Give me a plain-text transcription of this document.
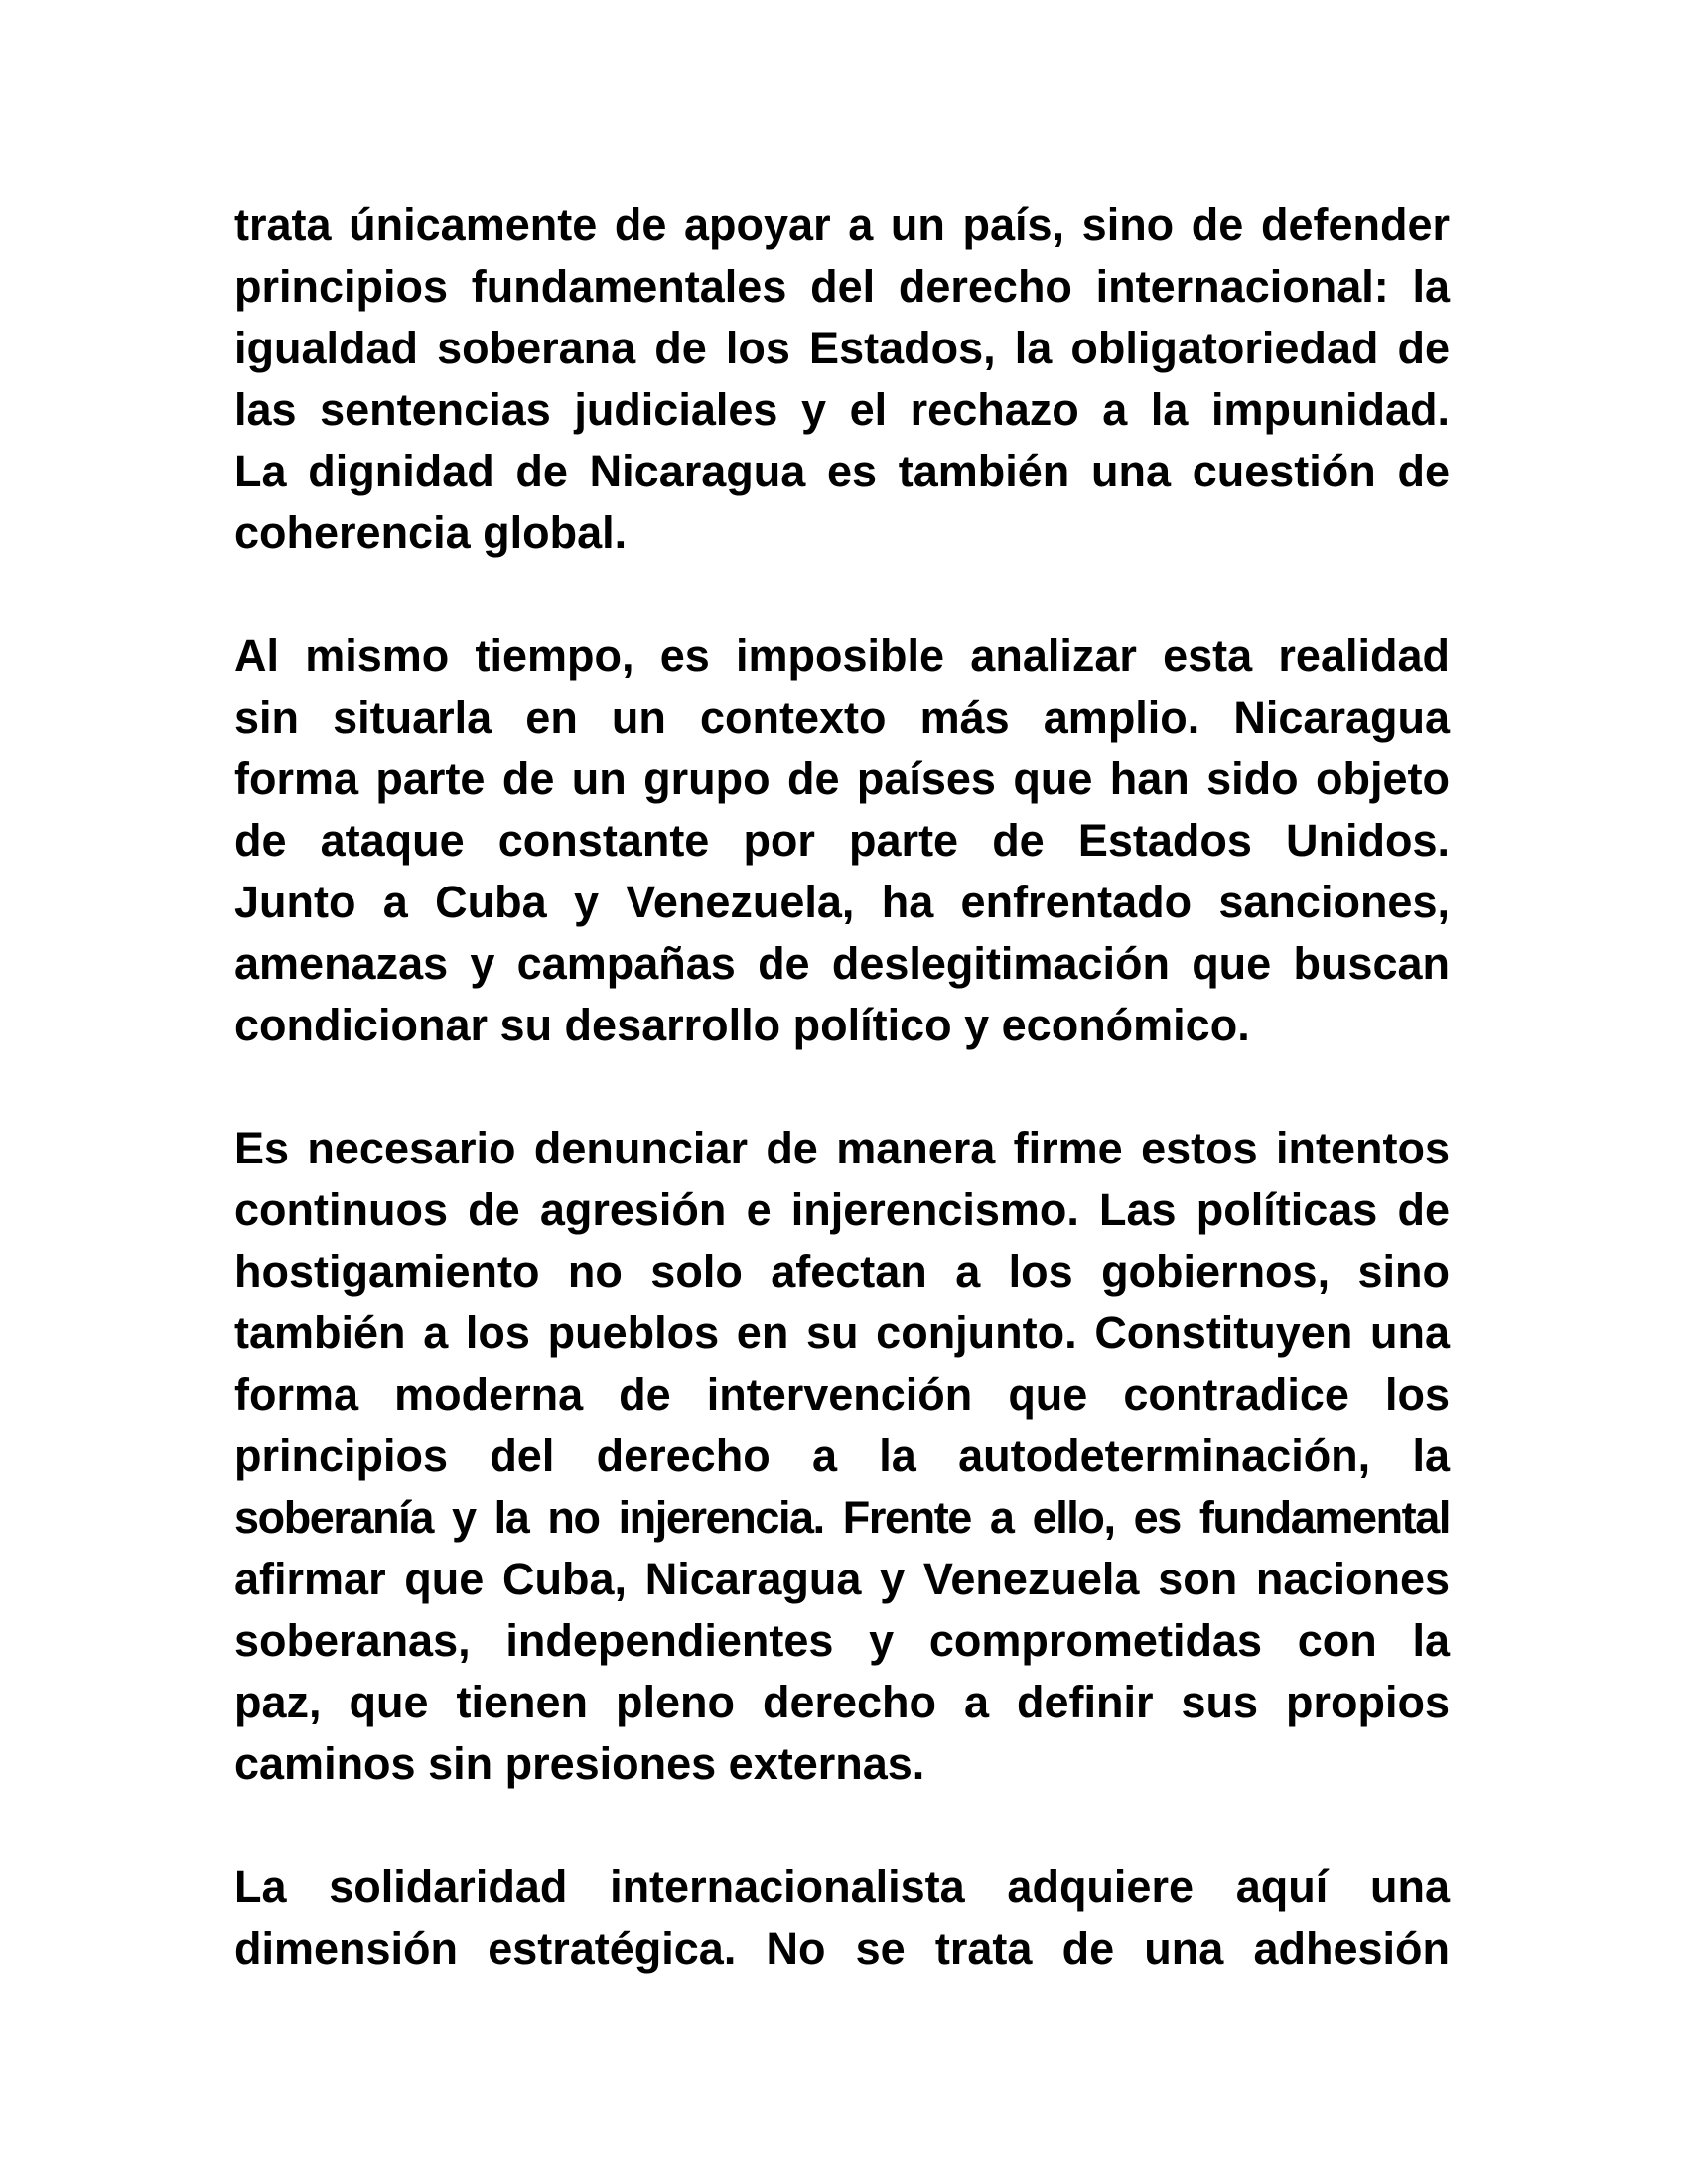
trata únicamente de apoyar a un país, sino de defender
principios fundamentales del derecho internacional: la
igualdad soberana de los Estados, la obligatoriedad de
las sentencias judiciales y el rechazo a la impunidad.
La dignidad de Nicaragua es también una cuestión de
coherencia global.
Al mismo tiempo, es imposible analizar esta realidad
sin situarla en un contexto más amplio. Nicaragua
forma parte de un grupo de países que han sido objeto
de ataque constante por parte de Estados Unidos.
Junto a Cuba y Venezuela, ha enfrentado sanciones,
amenazas y campañas de deslegitimación que buscan
condicionar su desarrollo político y económico.
Es necesario denunciar de manera firme estos intentos
continuos de agresión e injerencismo. Las políticas de
hostigamiento no solo afectan a los gobiernos, sino
también a los pueblos en su conjunto. Constituyen una
forma moderna de intervención que contradice los
principios del derecho a la autodeterminación, la
soberanía y la no injerencia. Frente a ello, es fundamental
afirmar que Cuba, Nicaragua y Venezuela son naciones
soberanas, independientes y comprometidas con la
paz, que tienen pleno derecho a definir sus propios
caminos sin presiones externas.
La solidaridad internacionalista adquiere aquí una
dimensión estratégica. No se trata de una adhesión
